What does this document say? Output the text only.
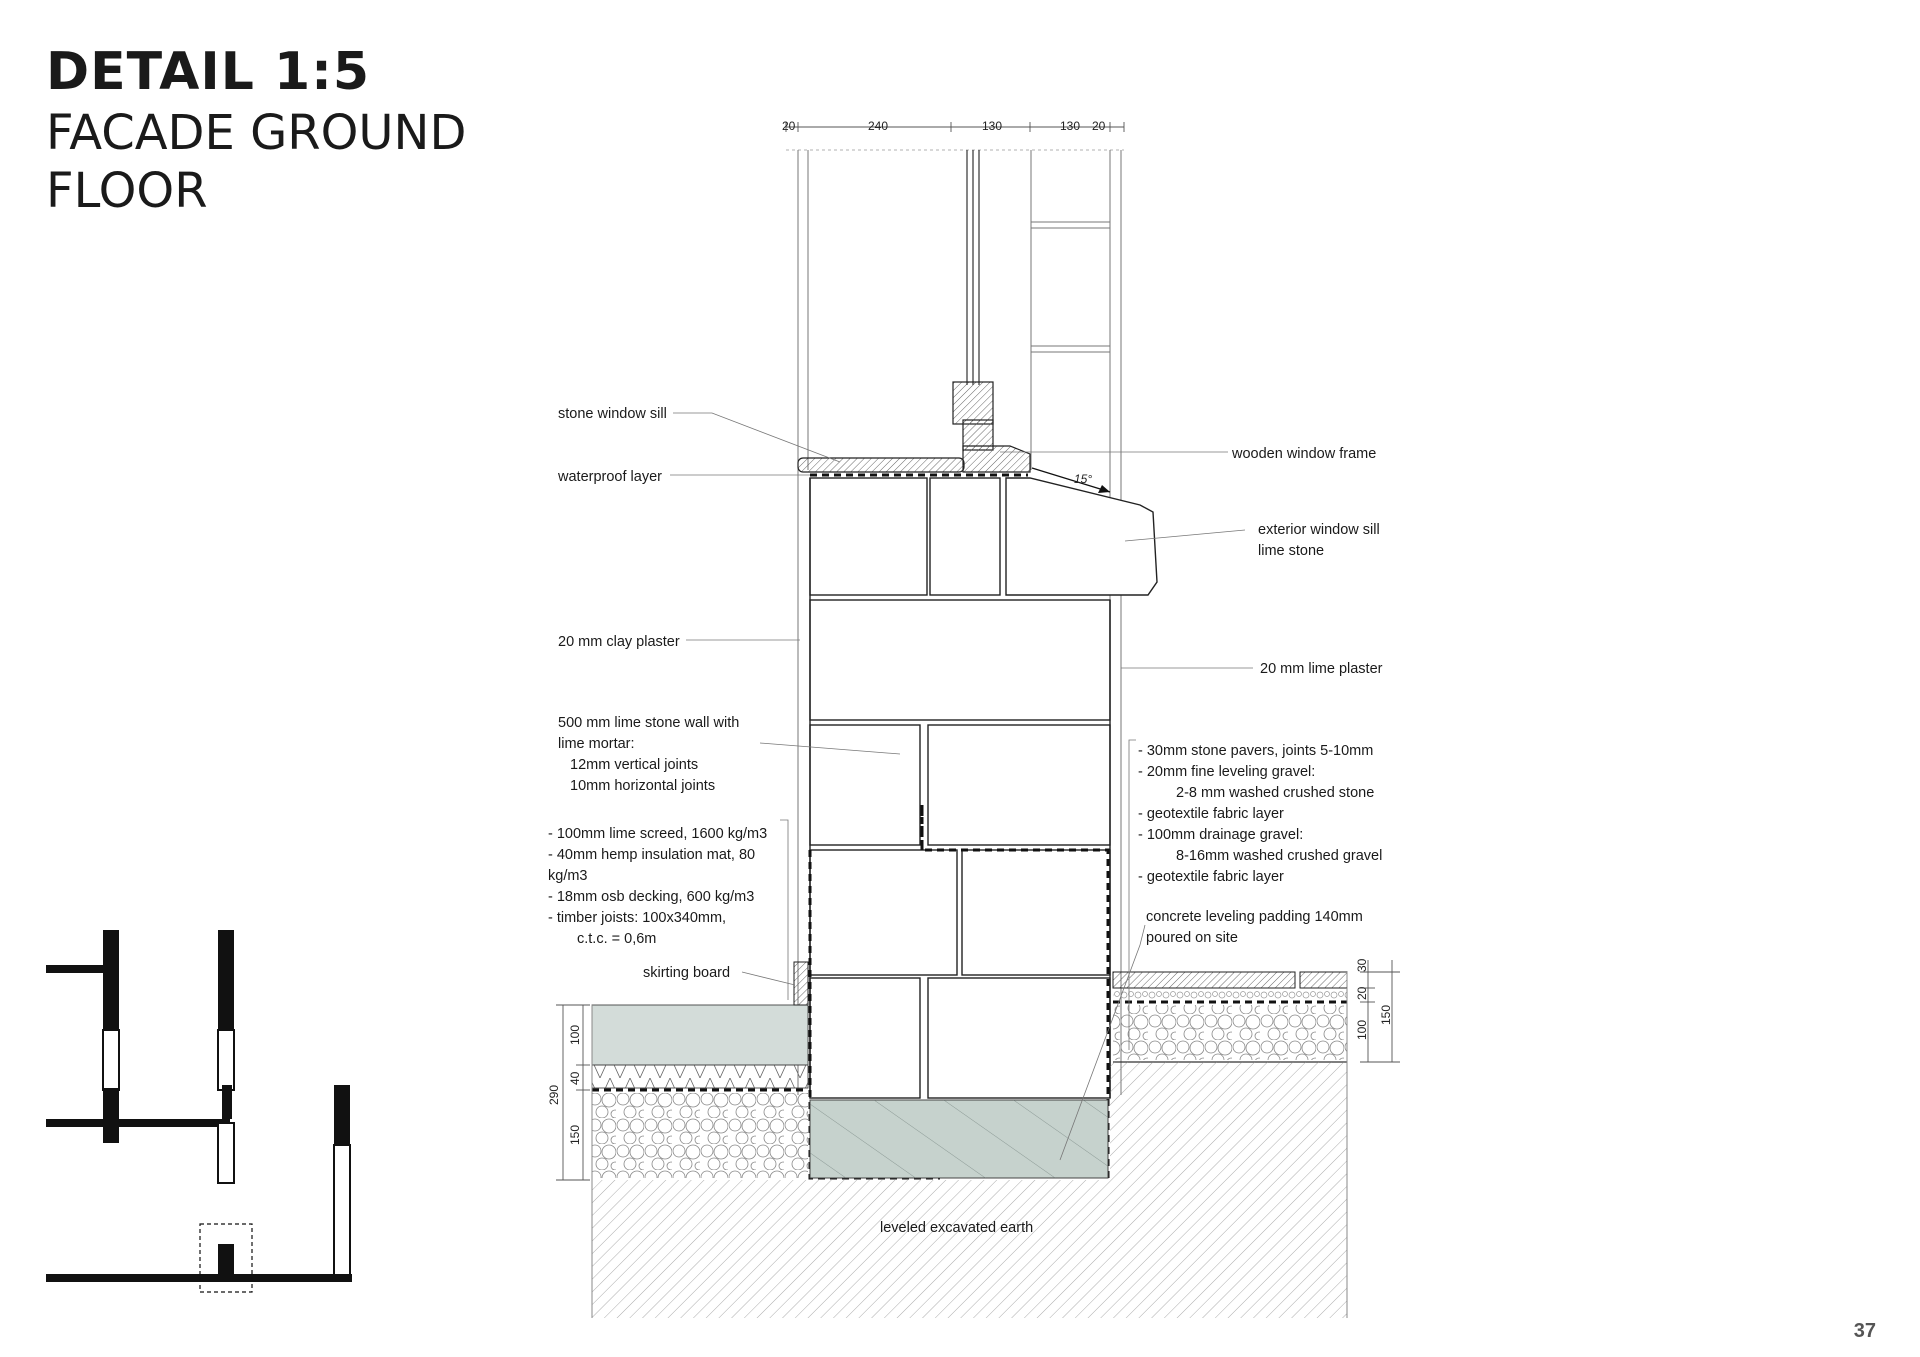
DETAIL 1:5

FACADE GROUND

FLOOR

37
20	240	130	130 20
15°
290
100
40
150
30
20
100
150
stone window sill
waterproof layer
wooden window frame
exterior window sill
lime stone
20 mm clay plaster
20 mm lime plaster
500 mm lime stone wall with
lime mortar:
12mm vertical joints
10mm horizontal joints
- 100mm lime screed, 1600 kg/m3
- 40mm hemp insulation mat, 80
kg/m3
- 18mm osb decking, 600 kg/m3
- timber joists: 100x340mm,
c.t.c. = 0,6m
- 30mm stone pavers, joints 5-10mm
- 20mm fine leveling gravel:
2-8 mm washed crushed stone
- geotextile fabric layer
- 100mm drainage gravel:
8-16mm washed crushed gravel
- geotextile fabric layer
concrete leveling padding 140mm
poured on site
skirting board
leveled excavated earth
